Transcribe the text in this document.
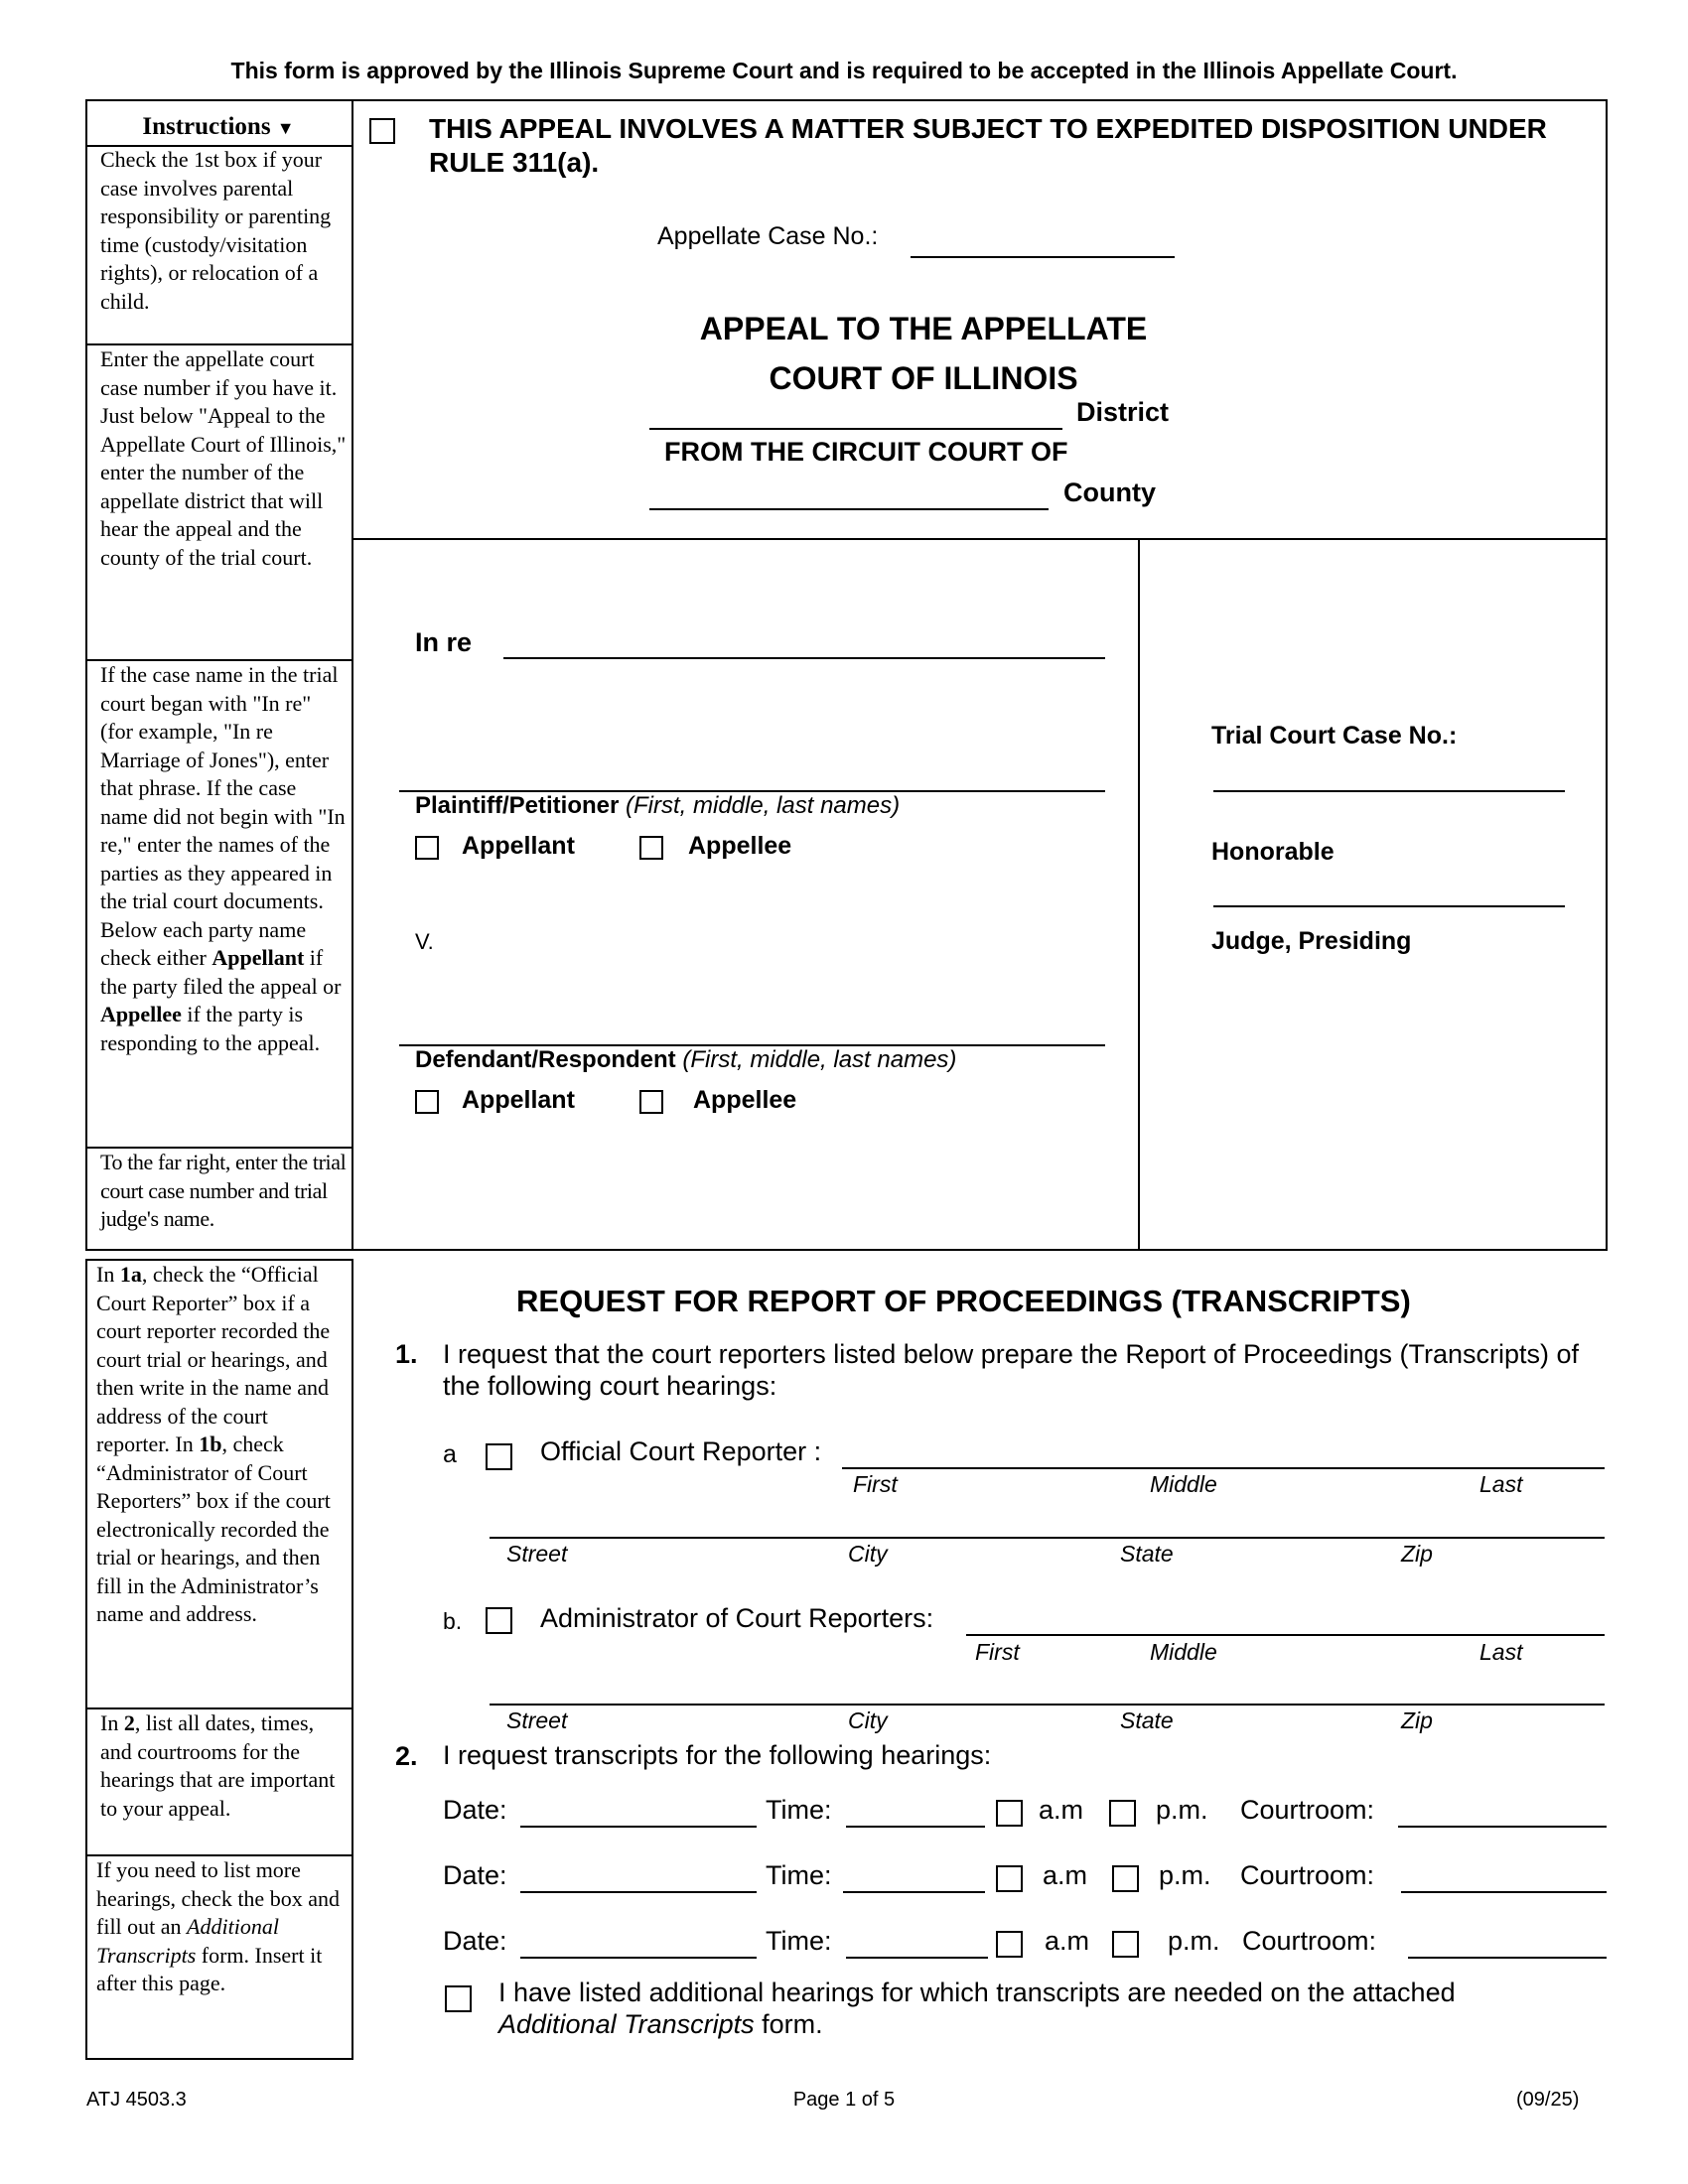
This form is approved by the Illinois Supreme Court and is required to be accepted in the Illinois Appellate Court.
Instructions ▼
Check the 1st box if your case involves parental responsibility or parenting time (custody/visitation rights), or relocation of a child.
Enter the appellate court case number if you have it. Just below "Appeal to the Appellate Court of Illinois," enter the number of the appellate district that will hear the appeal and the county of the trial court.
If the case name in the trial court began with "In re" (for example, "In re Marriage of Jones"), enter that phrase. If the case name did not begin with "In re," enter the names of the parties as they appeared in the trial court documents. Below each party name check either Appellant if the party filed the appeal or Appellee if the party is responding to the appeal.
To the far right, enter the trial court case number and trial judge's name.
THIS APPEAL INVOLVES A MATTER SUBJECT TO EXPEDITED DISPOSITION UNDER
RULE 311(a).
Appellate Case No.:
APPEAL TO THE APPELLATE
COURT OF ILLINOIS
District
FROM THE CIRCUIT COURT OF
County
In re
Plaintiff/Petitioner (First, middle, last names)
Appellant	Appellee
V.
Defendant/Respondent (First, middle, last names)
Appellant	Appellee
Trial Court Case No.:
Honorable
Judge, Presiding
In 1a, check the “Official Court Reporter” box if a court reporter recorded the court trial or hearings, and then write in the name and address of the court reporter. In 1b, check “Administrator of Court Reporters” box if the court electronically recorded the trial or hearings, and then fill in the Administrator’s name and address.
In 2, list all dates, times, and courtrooms for the hearings that are important to your appeal.
If you need to list more hearings, check the box and fill out an Additional Transcripts form. Insert it after this page.
REQUEST FOR REPORT OF PROCEEDINGS (TRANSCRIPTS)
1. I request that the court reporters listed below prepare the Report of Proceedings (Transcripts) of the following court hearings:
a	Official Court Reporter :
First	Middle	Last
Street	City	State	Zip
b.	Administrator of Court Reporters:
First	Middle	Last
Street	City	State	Zip
2. I request transcripts for the following hearings:
Date:	Time:	a.m	p.m. Courtroom:
Date:	Time:	a.m	p.m. Courtroom:
Date:	Time:	a.m	p.m. Courtroom:
I have listed additional hearings for which transcripts are needed on the attached
Additional Transcripts form.
ATJ 4503.3	Page 1 of 5	(09/25)
